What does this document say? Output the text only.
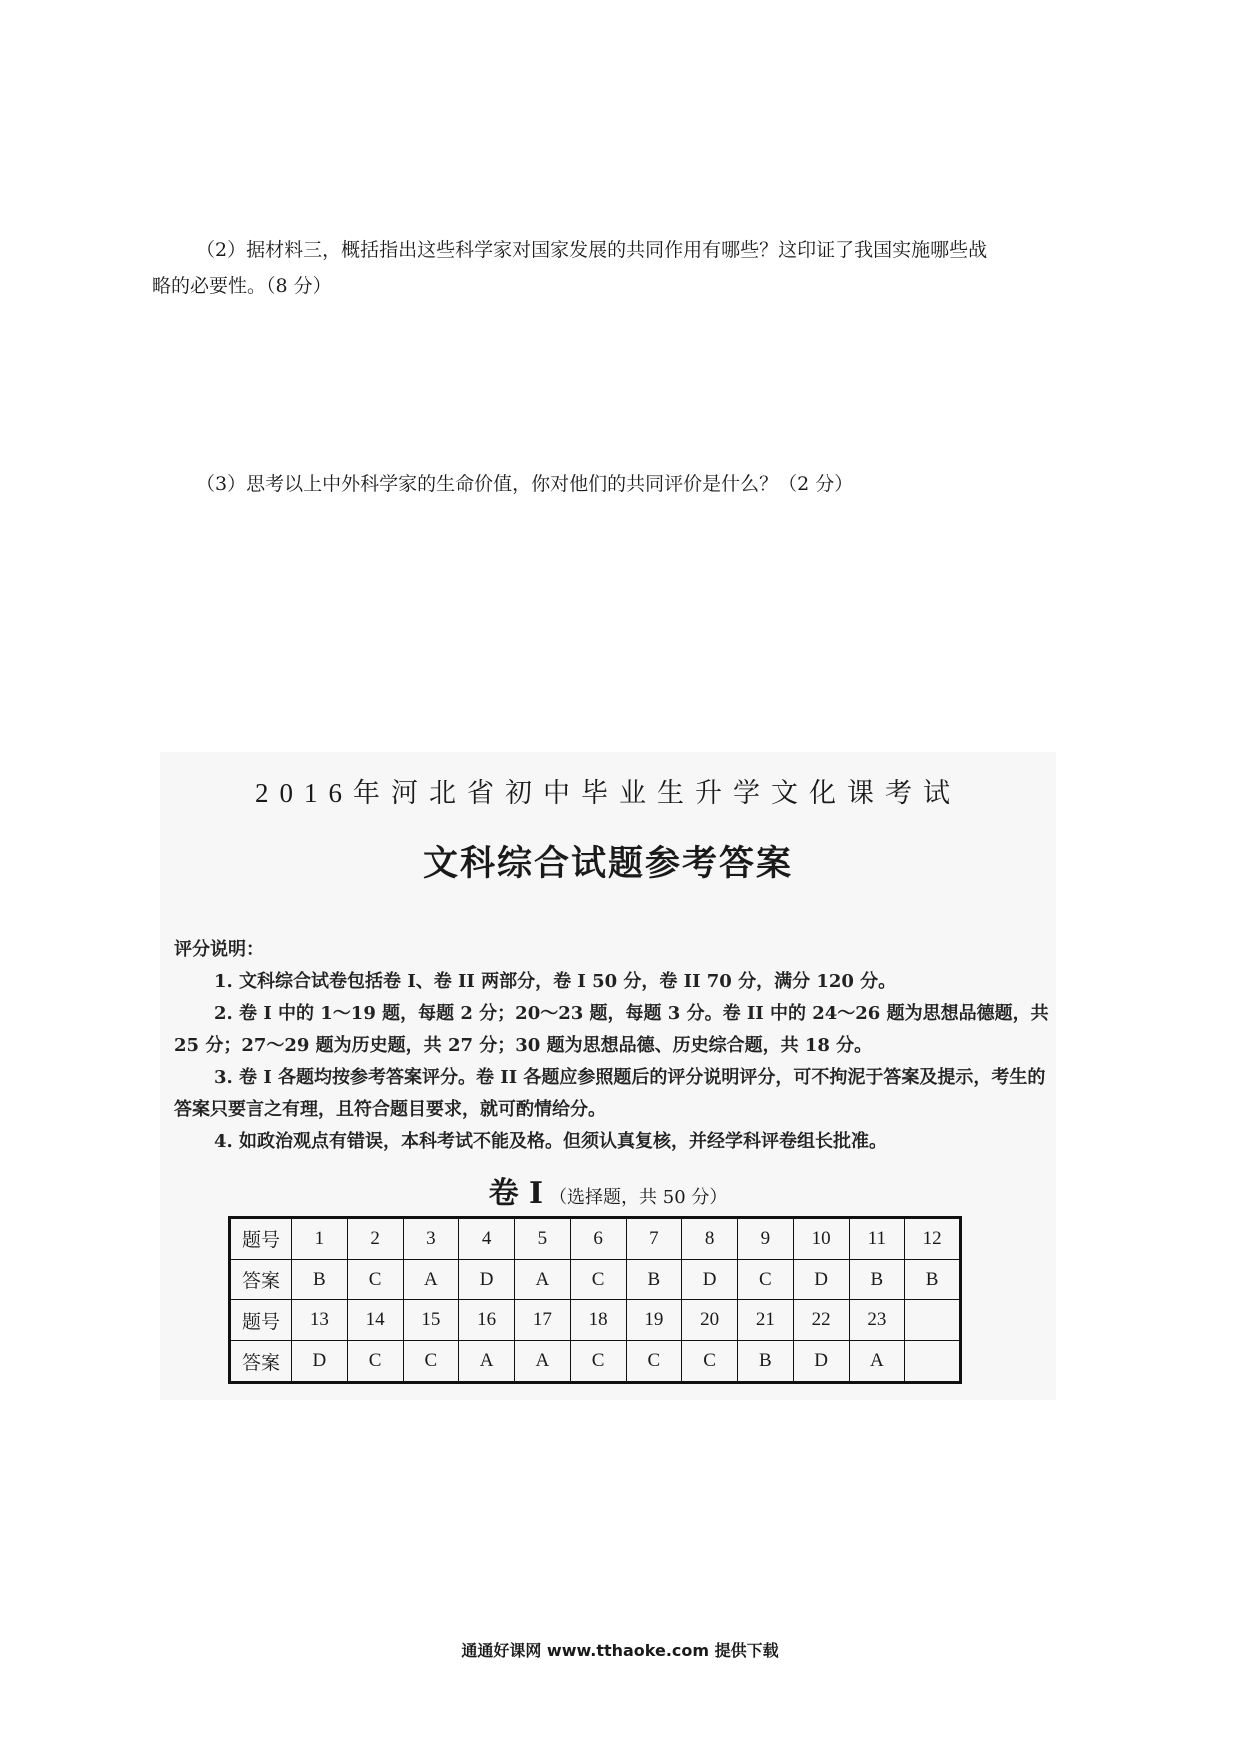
（2）据材料三，概括指出这些科学家对国家发展的共同作用有哪些？这印证了我国实施哪些战

略的必要性。（8 分）

（3）思考以上中外科学家的生命价值，你对他们的共同评价是什么？（2 分）

2016年河北省初中毕业生升学文化课考试
文科综合试题参考答案

评分说明：

1. 文科综合试卷包括卷 I、卷 II 两部分，卷 I 50 分，卷 II 70 分，满分 120 分。

2. 卷 I 中的 1～19 题，每题 2 分；20～23 题，每题 3 分。卷 II 中的 24～26 题为思想品德题，共 25 分；27～29 题为历史题，共 27 分；30 题为思想品德、历史综合题，共 18 分。

3. 卷 I 各题均按参考答案评分。卷 II 各题应参照题后的评分说明评分，可不拘泥于答案及提示，考生的答案只要言之有理，且符合题目要求，就可酌情给分。

4. 如政治观点有错误，本科考试不能及格。但须认真复核，并经学科评卷组长批准。

卷 I （选择题，共 50 分）
题号	1	2	3	4	5	6	7	8	9	10	11	12
答案	B	C	A	D	A	C	B	D	C	D	B	B
题号	13	14	15	16	17	18	19	20	21	22	23	
答案	D	C	C	A	A	C	C	C	B	D	A	
通通好课网 www.tthaoke.com 提供下载
